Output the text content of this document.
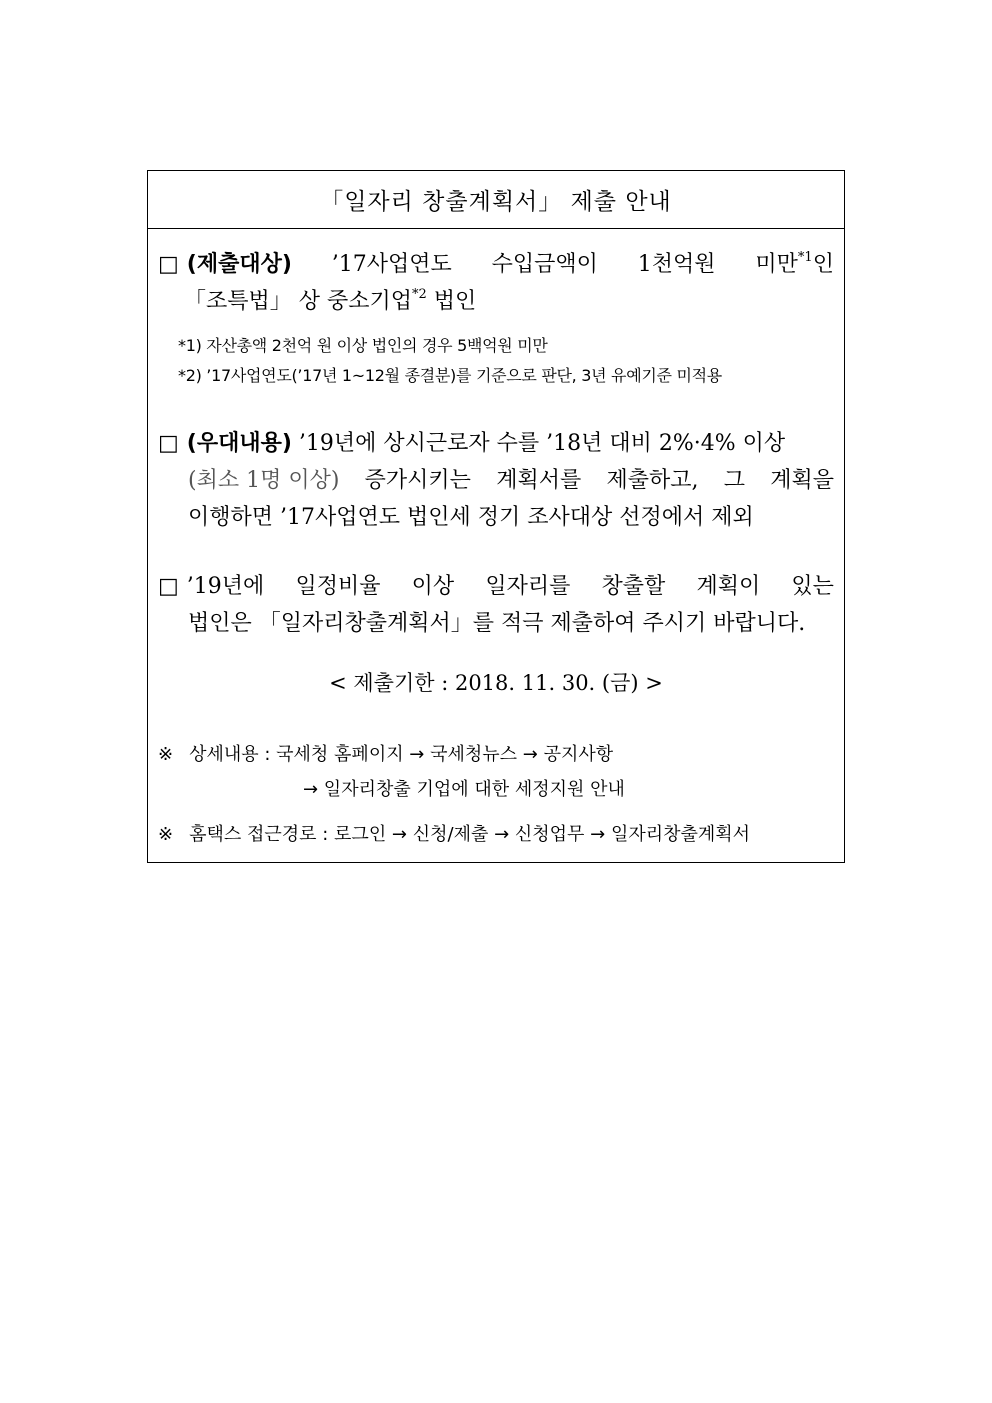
「일자리 창출계획서」 제출 안내
□ (제출대상) ’17사업연도 수입금액이 1천억원 미만$^{*1}$인
「조특법」 상 중소기업$^{*2}$ 법인
*1) 자산총액 2천억 원 이상 법인의 경우 5백억원 미만
*2) ’17사업연도(’17년 1~12월 종결분)를 기준으로 판단, 3년 유예기준 미적용
□ (우대내용) ’19년에 상시근로자 수를 ’18년 대비 2%·4% 이상
(최소 1명 이상) 증가시키는 계획서를 제출하고, 그 계획을
이행하면 ’17사업연도 법인세 정기 조사대상 선정에서 제외
□ ’19년에 일정비율 이상 일자리를 창출할 계획이 있는
법인은 「일자리창출계획서」를 적극 제출하여 주시기 바랍니다.
< 제출기한 : 2018. 11. 30. (금) >
※ 상세내용 : 국세청 홈페이지 → 국세청뉴스 → 공지사항
→ 일자리창출 기업에 대한 세정지원 안내
※ 홈택스 접근경로 : 로그인 → 신청/제출 → 신청업무 → 일자리창출계획서
